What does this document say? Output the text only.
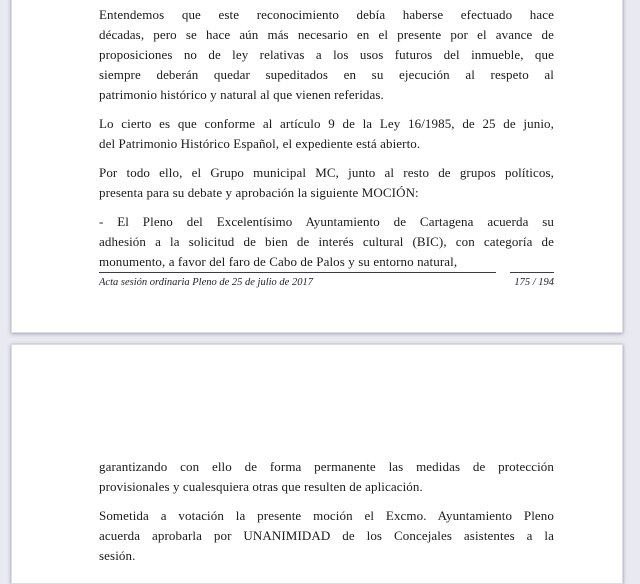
Entendemos que este reconocimiento debía haberse efectuado hace
décadas, pero se hace aún más necesario en el presente por el avance de
proposiciones no de ley relativas a los usos futuros del inmueble, que
siempre deberán quedar supeditados en su ejecución al respeto al
patrimonio histórico y natural al que vienen referidas.
Lo cierto es que conforme al artículo 9 de la Ley 16/1985, de 25 de junio,
del Patrimonio Histórico Español, el expediente está abierto.
Por todo ello, el Grupo municipal MC, junto al resto de grupos políticos,
presenta para su debate y aprobación la siguiente MOCIÓN:
- El Pleno del Excelentísimo Ayuntamiento de Cartagena acuerda su
adhesión a la solicitud de bien de interés cultural (BIC), con categoría de
monumento, a favor del faro de Cabo de Palos y su entorno natural,
Acta sesión ordinaria Pleno de 25 de julio de 2017	175 / 194
garantizando con ello de forma permanente las medidas de protección
provisionales y cualesquiera otras que resulten de aplicación.
Sometida a votación la presente moción el Excmo. Ayuntamiento Pleno
acuerda aprobarla por UNANIMIDAD de los Concejales asistentes a la
sesión.
